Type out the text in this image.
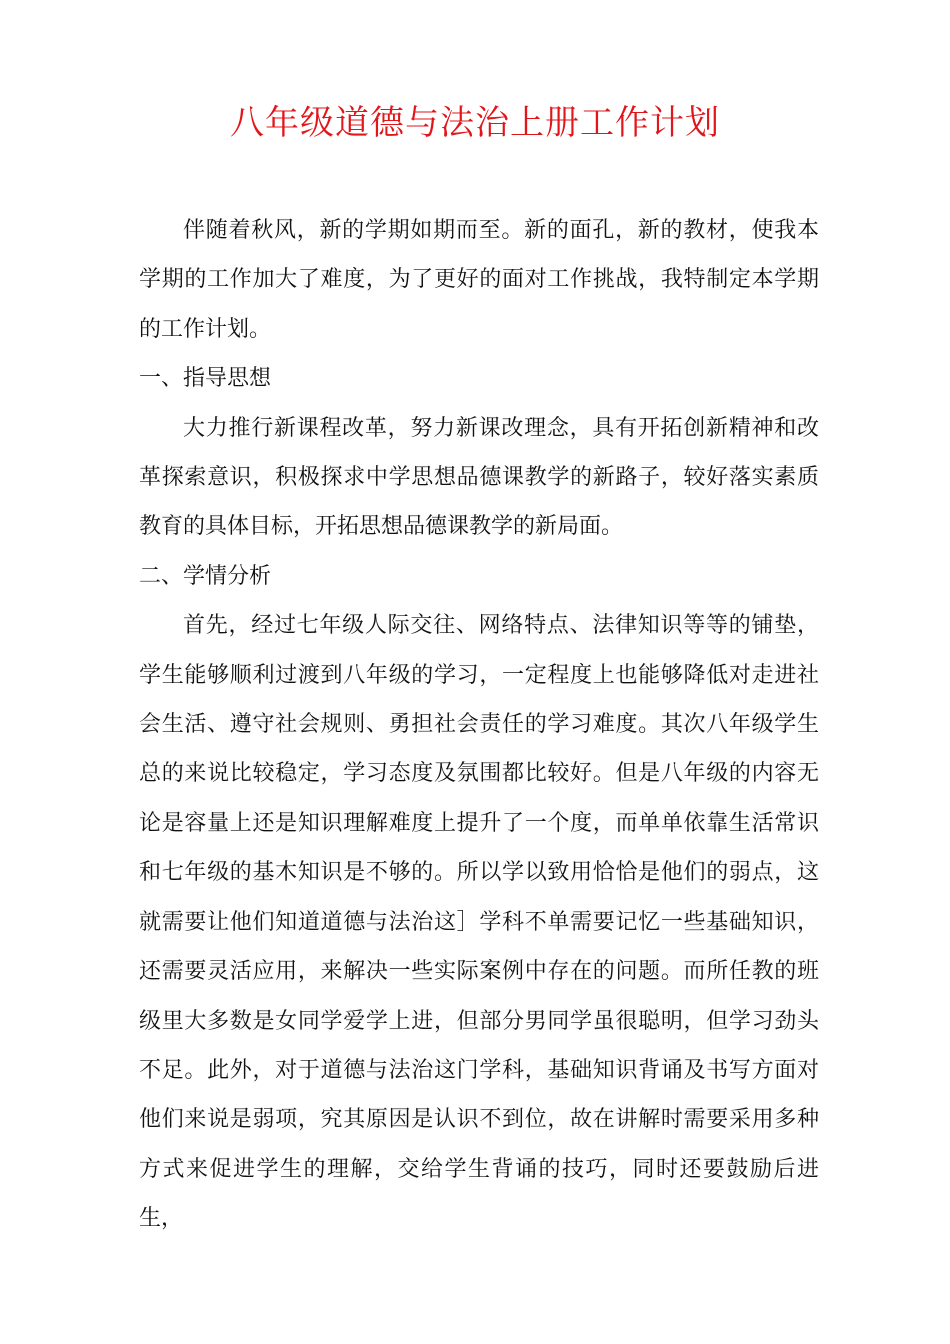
八年级道德与法治上册工作计划

伴随着秋风，新的学期如期而至。新的面孔，新的教材，使我本学期的工作加大了难度，为了更好的面对工作挑战，我特制定本学期的工作计划。

一、指导思想

大力推行新课程改革，努力新课改理念，具有开拓创新精神和改革探索意识，积极探求中学思想品德课教学的新路子，较好落实素质教育的具体目标，开拓思想品德课教学的新局面。

二、学情分析

首先，经过七年级人际交往、网络特点、法律知识等等的铺垫，学生能够顺利过渡到八年级的学习，一定程度上也能够降低对走进社会生活、遵守社会规则、勇担社会责任的学习难度。其次八年级学生总的来说比较稳定，学习态度及氛围都比较好。但是八年级的内容无论是容量上还是知识理解难度上提升了一个度，而单单依靠生活常识和七年级的基木知识是不够的。所以学以致用恰恰是他们的弱点，这就需要让他们知道道德与法治这］学科不单需要记忆一些基础知识，还需要灵活应用，来解决一些实际案例中存在的问题。而所任教的班级里大多数是女同学爱学上进，但部分男同学虽很聪明，但学习劲头不足。此外，对于道德与法治这门学科，基础知识背诵及书写方面对他们来说是弱项，究其原因是认识不到位，故在讲解时需要采用多种方式来促进学生的理解，交给学生背诵的技巧，同时还要鼓励后进生，
